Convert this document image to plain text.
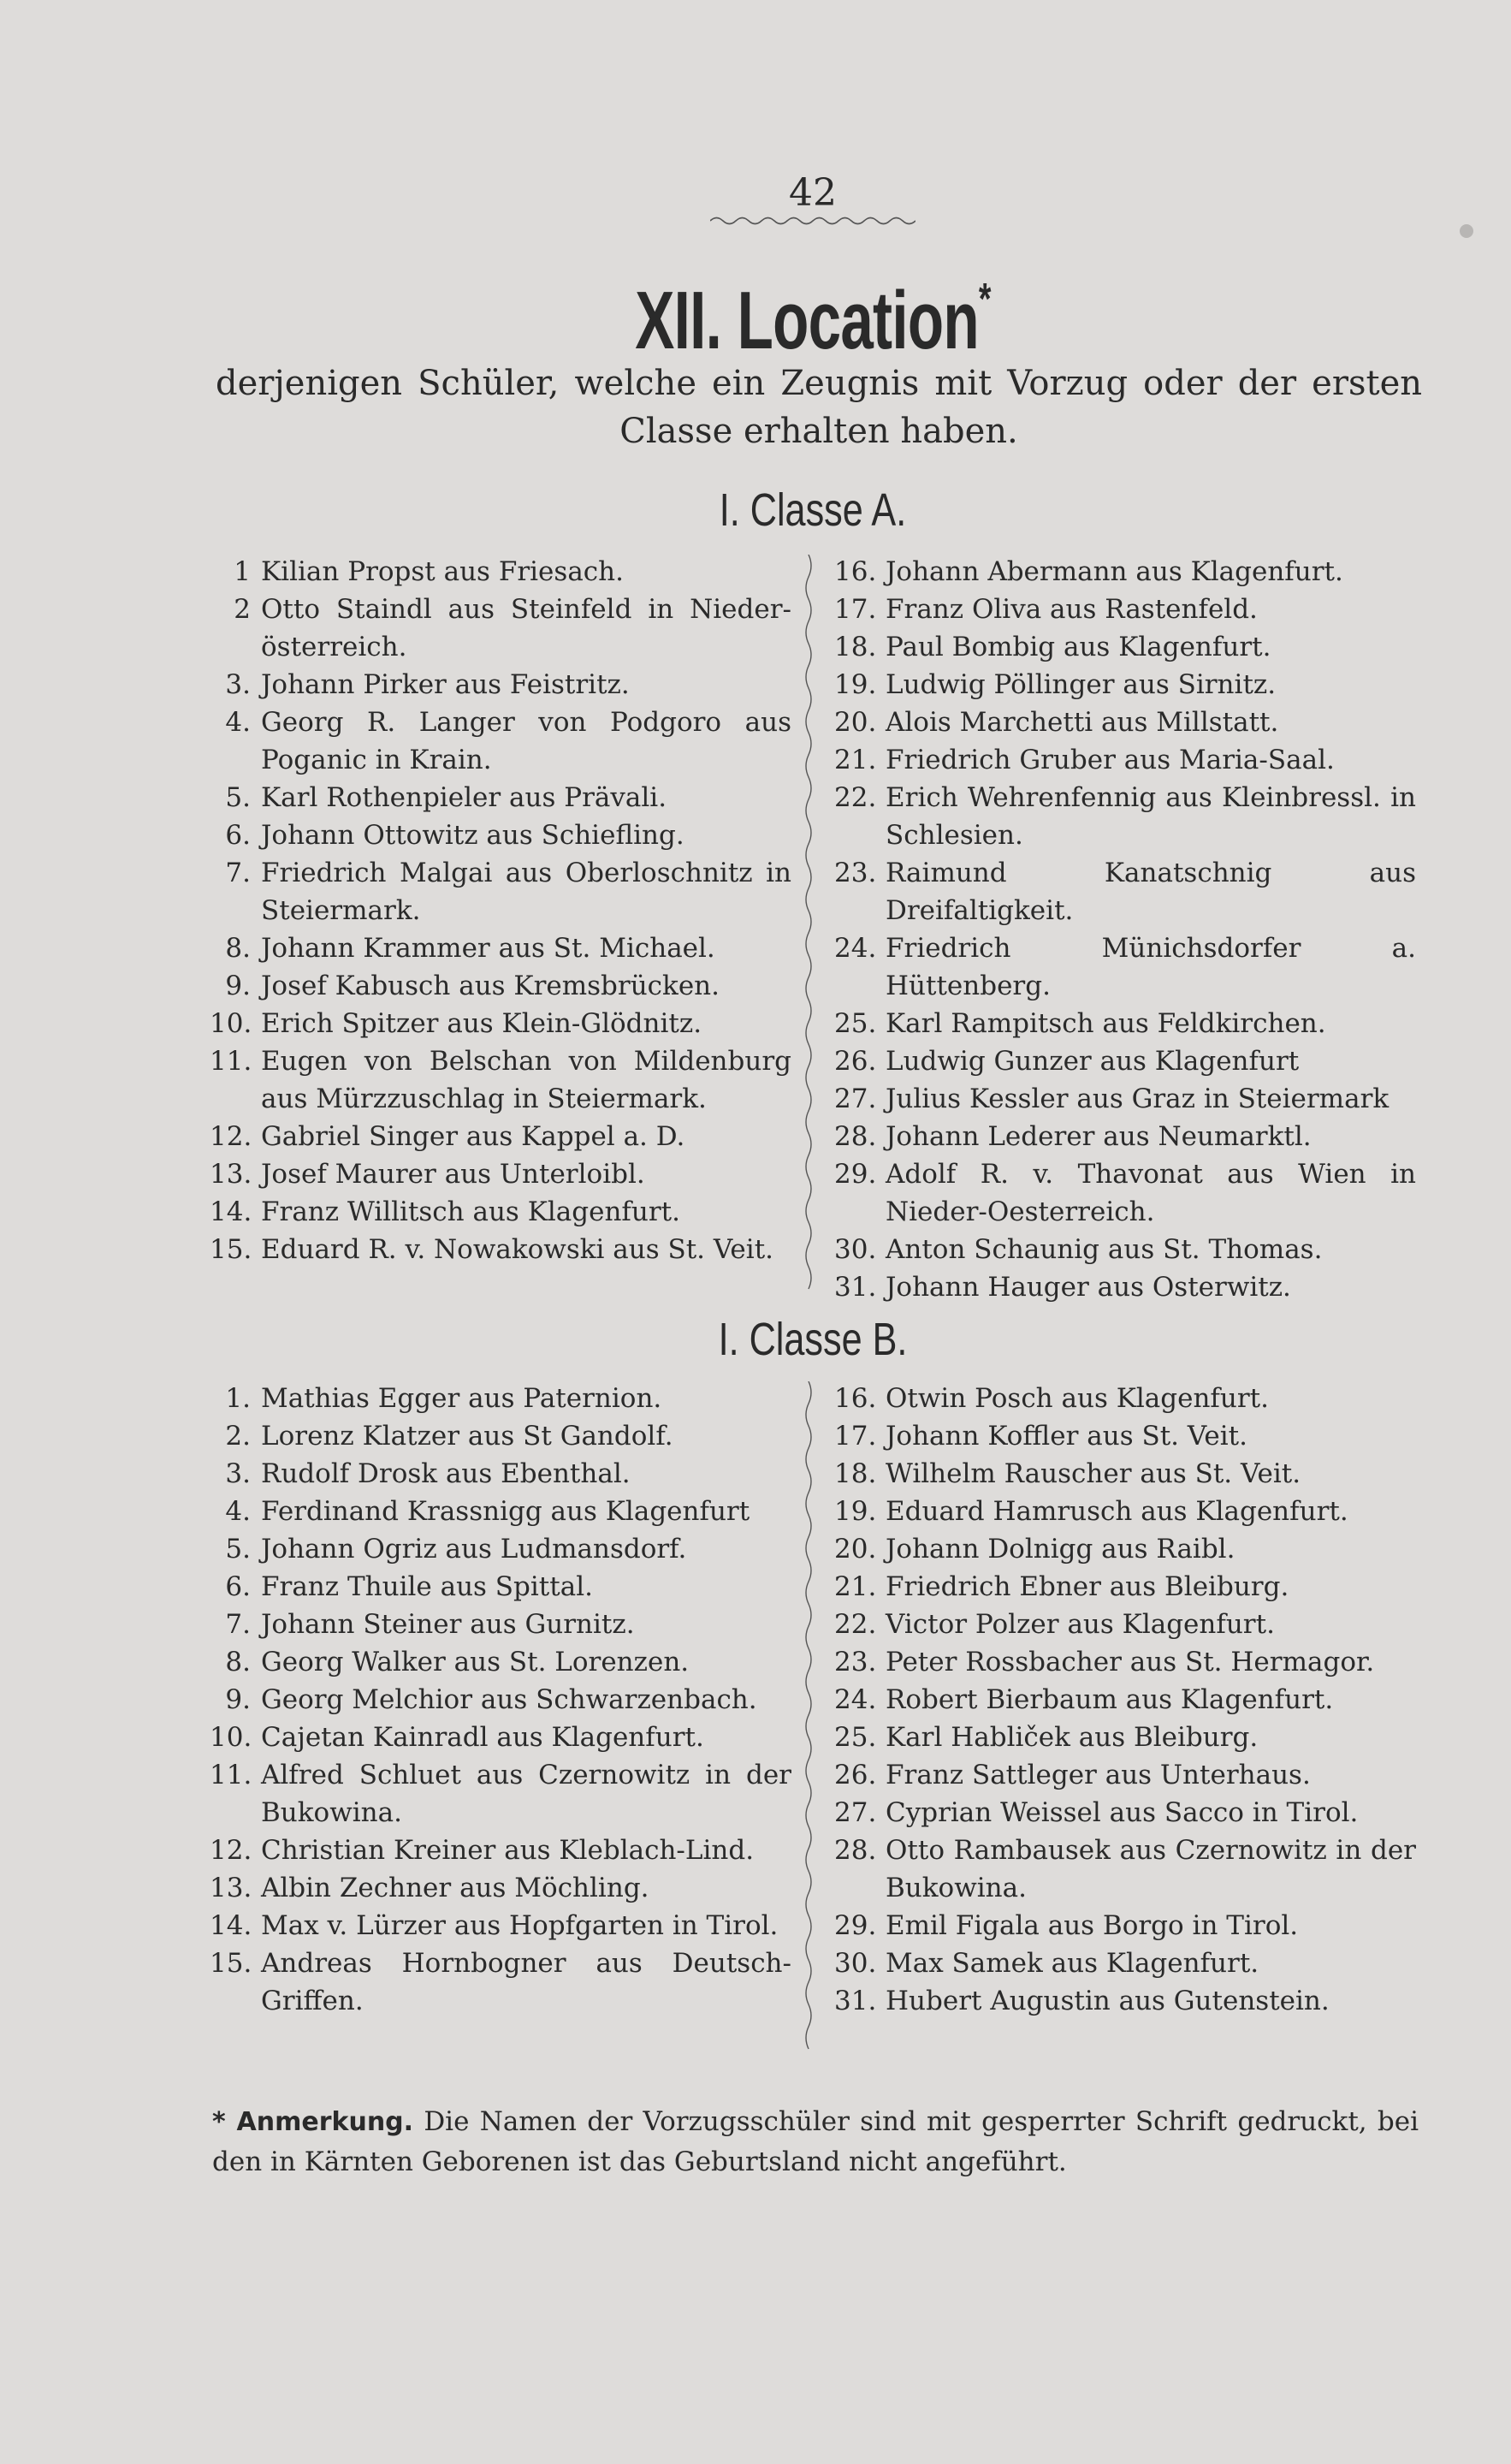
42
XII. Location*
derjenigen Schüler, welche ein Zeugnis mit Vorzug oder der ersten Classe erhalten haben.
I. Classe A.
1 Kilian Propst aus Friesach.
2 Otto Staindl aus Steinfeld in Nieder-österreich.
3. Johann Pirker aus Feistritz.
4. Georg R. Langer von Podgoro aus Poganic in Krain.
5. Karl Rothenpieler aus Prävali.
6. Johann Ottowitz aus Schiefling.
7. Friedrich Malgai aus Oberloschnitz in Steiermark.
8. Johann Krammer aus St. Michael.
9. Josef Kabusch aus Kremsbrücken.
10. Erich Spitzer aus Klein-Glödnitz.
11. Eugen von Belschan von Mildenburg aus Mürzzuschlag in Steiermark.
12. Gabriel Singer aus Kappel a. D.
13. Josef Maurer aus Unterloibl.
14. Franz Willitsch aus Klagenfurt.
15. Eduard R. v. Nowakowski aus St. Veit.
16. Johann Abermann aus Klagenfurt.
17. Franz Oliva aus Rastenfeld.
18. Paul Bombig aus Klagenfurt.
19. Ludwig Pöllinger aus Sirnitz.
20. Alois Marchetti aus Millstatt.
21. Friedrich Gruber aus Maria-Saal.
22. Erich Wehrenfennig aus Kleinbressl. in Schlesien.
23. Raimund Kanatschnig aus Dreifaltigkeit.
24. Friedrich Münichsdorfer a. Hüttenberg.
25. Karl Rampitsch aus Feldkirchen.
26. Ludwig Gunzer aus Klagenfurt
27. Julius Kessler aus Graz in Steiermark
28. Johann Lederer aus Neumarktl.
29. Adolf R. v. Thavonat aus Wien in Nieder-Oesterreich.
30. Anton Schaunig aus St. Thomas.
31. Johann Hauger aus Osterwitz.
I. Classe B.
1. Mathias Egger aus Paternion.
2. Lorenz Klatzer aus St Gandolf.
3. Rudolf Drosk aus Ebenthal.
4. Ferdinand Krassnigg aus Klagenfurt
5. Johann Ogriz aus Ludmansdorf.
6. Franz Thuile aus Spittal.
7. Johann Steiner aus Gurnitz.
8. Georg Walker aus St. Lorenzen.
9. Georg Melchior aus Schwarzenbach.
10. Cajetan Kainradl aus Klagenfurt.
11. Alfred Schluet aus Czernowitz in der Bukowina.
12. Christian Kreiner aus Kleblach-Lind.
13. Albin Zechner aus Möchling.
14. Max v. Lürzer aus Hopfgarten in Tirol.
15. Andreas Hornbogner aus Deutsch-Griffen.
16. Otwin Posch aus Klagenfurt.
17. Johann Koffler aus St. Veit.
18. Wilhelm Rauscher aus St. Veit.
19. Eduard Hamrusch aus Klagenfurt.
20. Johann Dolnigg aus Raibl.
21. Friedrich Ebner aus Bleiburg.
22. Victor Polzer aus Klagenfurt.
23. Peter Rossbacher aus St. Hermagor.
24. Robert Bierbaum aus Klagenfurt.
25. Karl Habliček aus Bleiburg.
26. Franz Sattleger aus Unterhaus.
27. Cyprian Weissel aus Sacco in Tirol.
28. Otto Rambausek aus Czernowitz in der Bukowina.
29. Emil Figala aus Borgo in Tirol.
30. Max Samek aus Klagenfurt.
31. Hubert Augustin aus Gutenstein.
* Anmerkung. Die Namen der Vorzugsschüler sind mit gesperrter Schrift gedruckt, bei den in Kärnten Geborenen ist das Geburtsland nicht angeführt.
